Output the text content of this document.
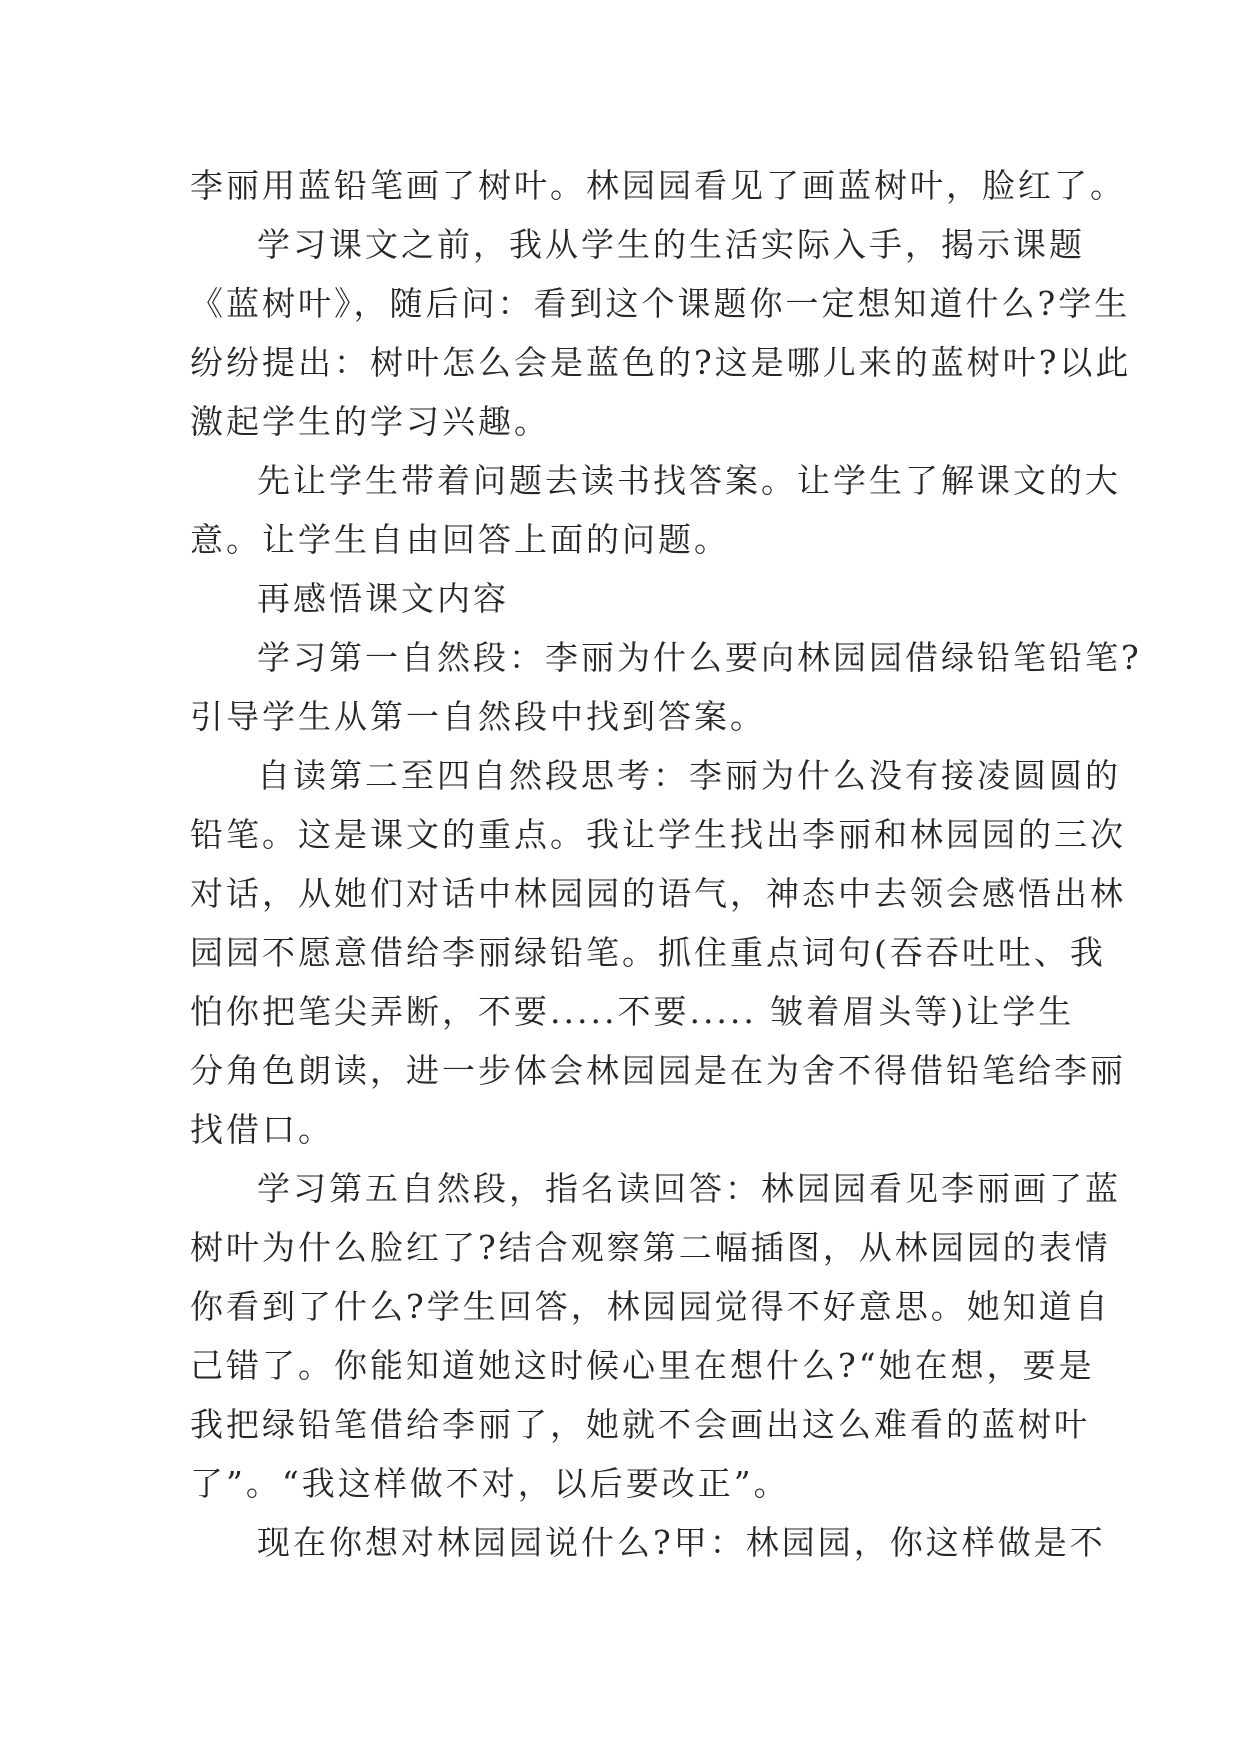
李丽用蓝铅笔画了树叶。林园园看见了画蓝树叶，脸红了。
学习课文之前，我从学生的生活实际入手，揭示课题
《蓝树叶》，随后问：看到这个课题你一定想知道什么?学生
纷纷提出：树叶怎么会是蓝色的?这是哪儿来的蓝树叶?以此
激起学生的学习兴趣。
先让学生带着问题去读书找答案。让学生了解课文的大
意。让学生自由回答上面的问题。
再感悟课文内容
学习第一自然段：李丽为什么要向林园园借绿铅笔铅笔?
引导学生从第一自然段中找到答案。
自读第二至四自然段思考：李丽为什么没有接凌圆圆的
铅笔。这是课文的重点。我让学生找出李丽和林园园的三次
对话，从她们对话中林园园的语气，神态中去领会感悟出林
园园不愿意借给李丽绿铅笔。抓住重点词句(吞吞吐吐、我
怕你把笔尖弄断，不要.....不要..... 皱着眉头等)让学生
分角色朗读，进一步体会林园园是在为舍不得借铅笔给李丽
找借口。
学习第五自然段，指名读回答：林园园看见李丽画了蓝
树叶为什么脸红了?结合观察第二幅插图，从林园园的表情
你看到了什么?学生回答，林园园觉得不好意思。她知道自
己错了。你能知道她这时候心里在想什么?“她在想，要是
我把绿铅笔借给李丽了，她就不会画出这么难看的蓝树叶
了”。“我这样做不对，以后要改正”。
现在你想对林园园说什么?甲：林园园，你这样做是不
